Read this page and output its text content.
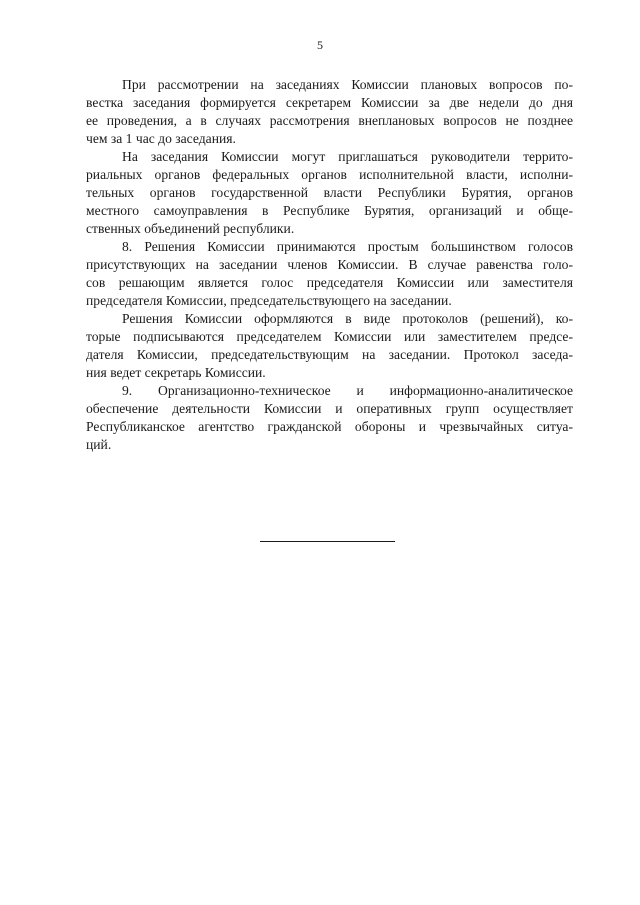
5

При рассмотрении на заседаниях Комиссии плановых вопросов по-
вестка заседания формируется секретарем Комиссии за две недели до дня
ее проведения, а в случаях рассмотрения внеплановых вопросов не позднее
чем за 1 час до заседания.

На заседания Комиссии могут приглашаться руководители террито-
риальных органов федеральных органов исполнительной власти, исполни-
тельных органов государственной власти Республики Бурятия, органов
местного самоуправления в Республике Бурятия, организаций и обще-
ственных объединений республики.

8. Решения Комиссии принимаются простым большинством голосов
присутствующих на заседании членов Комиссии. В случае равенства голо-
сов решающим является голос председателя Комиссии или заместителя
председателя Комиссии, председательствующего на заседании.

Решения Комиссии оформляются в виде протоколов (решений), ко-
торые подписываются председателем Комиссии или заместителем предсе-
дателя Комиссии, председательствующим на заседании. Протокол заседа-
ния ведет секретарь Комиссии.

9. Организационно-техническое и информационно-аналитическое
обеспечение деятельности Комиссии и оперативных групп осуществляет
Республиканское агентство гражданской обороны и чрезвычайных ситуа-
ций.
